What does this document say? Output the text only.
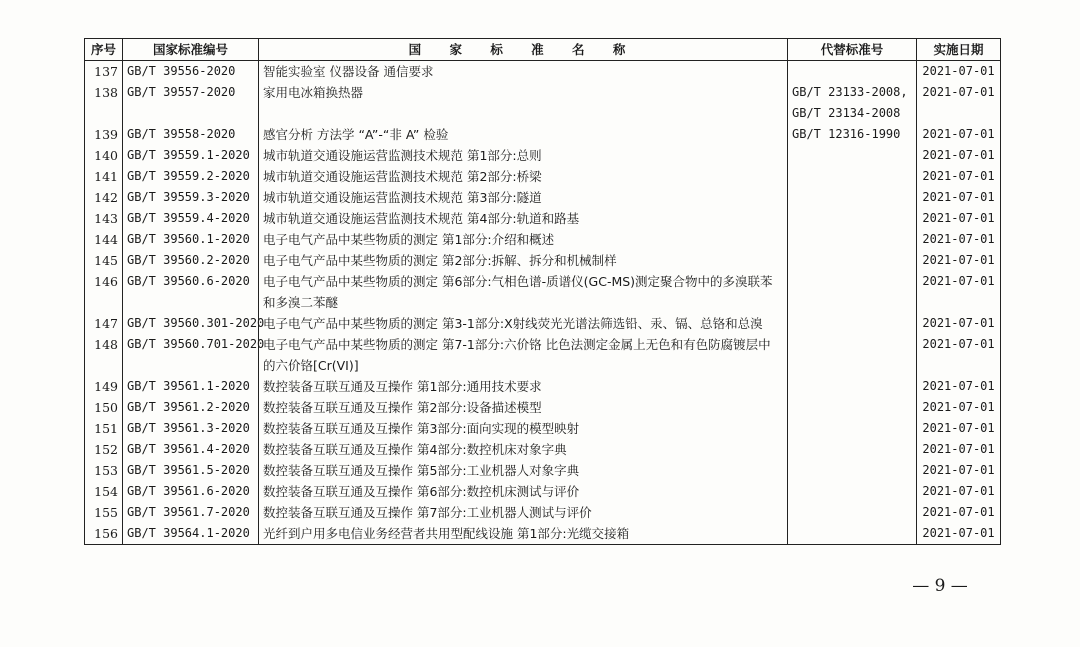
序号	国家标准编号	国 家 标 准 名 称	代替标准号	实施日期
137	GB/T 39556-2020	智能实验室 仪器设备 通信要求		2021-07-01
138	GB/T 39557-2020	家用电冰箱换热器	GB/T 23133-2008,
GB/T 23134-2008	2021-07-01
139	GB/T 39558-2020	感官分析 方法学 “A”-“非 A” 检验	GB/T 12316-1990	2021-07-01
140	GB/T 39559.1-2020	城市轨道交通设施运营监测技术规范 第1部分:总则		2021-07-01
141	GB/T 39559.2-2020	城市轨道交通设施运营监测技术规范 第2部分:桥梁		2021-07-01
142	GB/T 39559.3-2020	城市轨道交通设施运营监测技术规范 第3部分:隧道		2021-07-01
143	GB/T 39559.4-2020	城市轨道交通设施运营监测技术规范 第4部分:轨道和路基		2021-07-01
144	GB/T 39560.1-2020	电子电气产品中某些物质的测定 第1部分:介绍和概述		2021-07-01
145	GB/T 39560.2-2020	电子电气产品中某些物质的测定 第2部分:拆解、拆分和机械制样		2021-07-01
146	GB/T 39560.6-2020	电子电气产品中某些物质的测定 第6部分:气相色谱-质谱仪(GC-MS)测定聚合物中的多溴联苯和多溴二苯醚		2021-07-01
147	GB/T 39560.301-2020	电子电气产品中某些物质的测定 第3-1部分:X射线荧光光谱法筛选铅、汞、镉、总铬和总溴		2021-07-01
148	GB/T 39560.701-2020	电子电气产品中某些物质的测定 第7-1部分:六价铬 比色法测定金属上无色和有色防腐镀层中的六价铬[Cr(VI)]		2021-07-01
149	GB/T 39561.1-2020	数控装备互联互通及互操作 第1部分:通用技术要求		2021-07-01
150	GB/T 39561.2-2020	数控装备互联互通及互操作 第2部分:设备描述模型		2021-07-01
151	GB/T 39561.3-2020	数控装备互联互通及互操作 第3部分:面向实现的模型映射		2021-07-01
152	GB/T 39561.4-2020	数控装备互联互通及互操作 第4部分:数控机床对象字典		2021-07-01
153	GB/T 39561.5-2020	数控装备互联互通及互操作 第5部分:工业机器人对象字典		2021-07-01
154	GB/T 39561.6-2020	数控装备互联互通及互操作 第6部分:数控机床测试与评价		2021-07-01
155	GB/T 39561.7-2020	数控装备互联互通及互操作 第7部分:工业机器人测试与评价		2021-07-01
156	GB/T 39564.1-2020	光纤到户用多电信业务经营者共用型配线设施 第1部分:光缆交接箱		2021-07-01
— 9 —
